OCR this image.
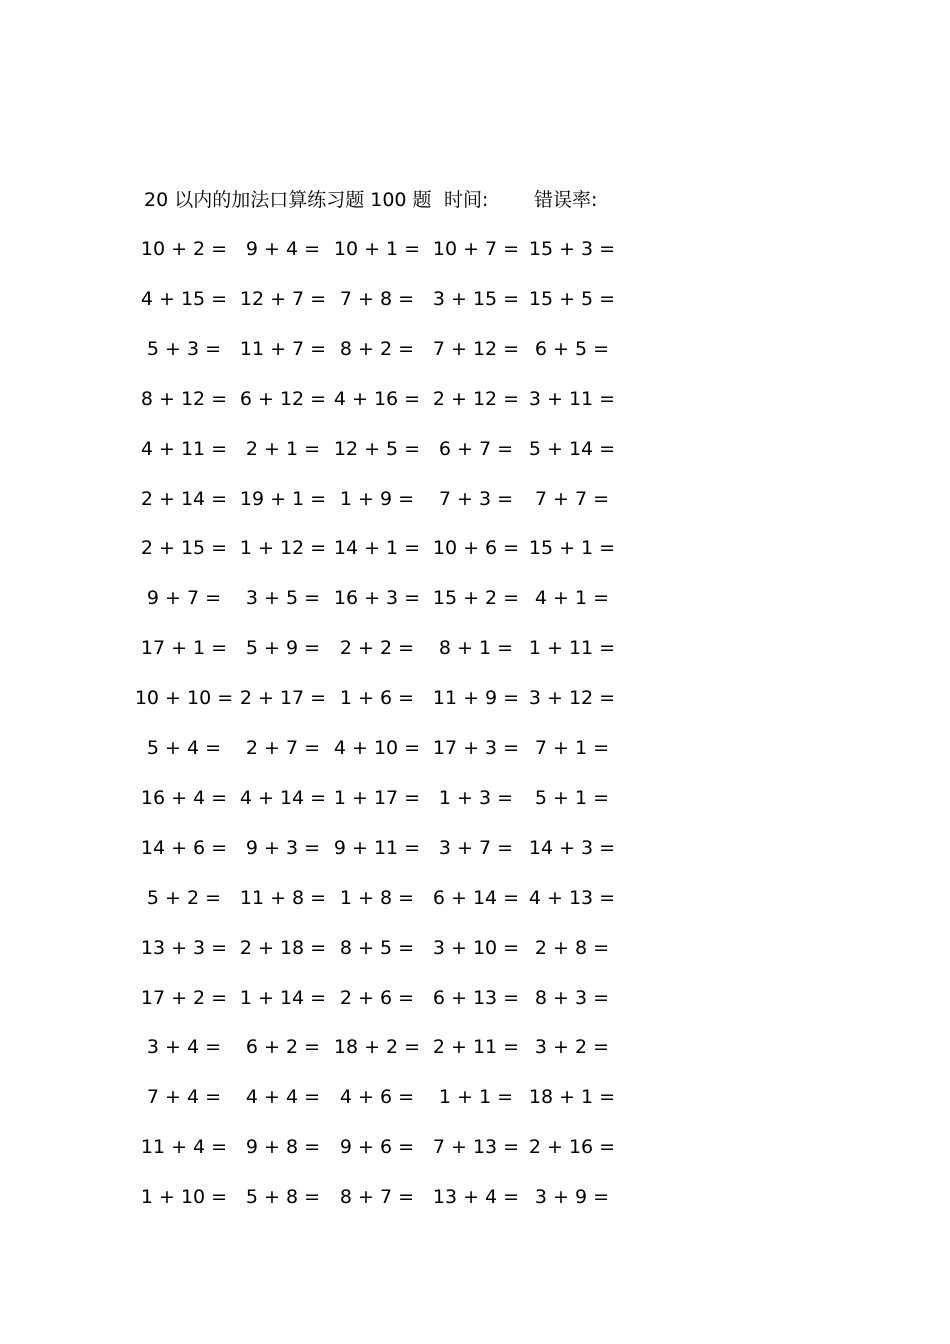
20 以内的加法口算练习题 100 题 时间: 错误率:
10 + 2 = 9 + 4 = 10 + 1 = 10 + 7 = 15 + 3 =
4 + 15 = 12 + 7 = 7 + 8 = 3 + 15 = 15 + 5 =
5 + 3 = 11 + 7 = 8 + 2 = 7 + 12 = 6 + 5 =
8 + 12 = 6 + 12 = 4 + 16 = 2 + 12 = 3 + 11 =
4 + 11 = 2 + 1 = 12 + 5 = 6 + 7 = 5 + 14 =
2 + 14 = 19 + 1 = 1 + 9 =	7 + 3 =	7 + 7 =
2 + 15 = 1 + 12 = 14 + 1 = 10 + 6 = 15 + 1 =
9 + 7 =	3 + 5 = 16 + 3 = 15 + 2 = 4 + 1 =
17 + 1 = 5 + 9 =	2 + 2 =	8 + 1 = 1 + 11 =
10 + 10 = 2 + 17 = 1 + 6 = 11 + 9 = 3 + 12 =
5 + 4 =	2 + 7 = 4 + 10 = 17 + 3 = 7 + 1 =
16 + 4 = 4 + 14 = 1 + 17 = 1 + 3 =	5 + 1 =
14 + 6 = 9 + 3 = 9 + 11 = 3 + 7 = 14 + 3 =
5 + 2 = 11 + 8 = 1 + 8 = 6 + 14 = 4 + 13 =
13 + 3 = 2 + 18 = 8 + 5 = 3 + 10 = 2 + 8 =
17 + 2 = 1 + 14 = 2 + 6 = 6 + 13 = 8 + 3 =
3 + 4 =	6 + 2 = 18 + 2 = 2 + 11 = 3 + 2 =
7 + 4 =	4 + 4 =	4 + 6 =	1 + 1 = 18 + 1 =
11 + 4 = 9 + 8 =	9 + 6 = 7 + 13 = 2 + 16 =
1 + 10 = 5 + 8 =	8 + 7 = 13 + 4 = 3 + 9 =
